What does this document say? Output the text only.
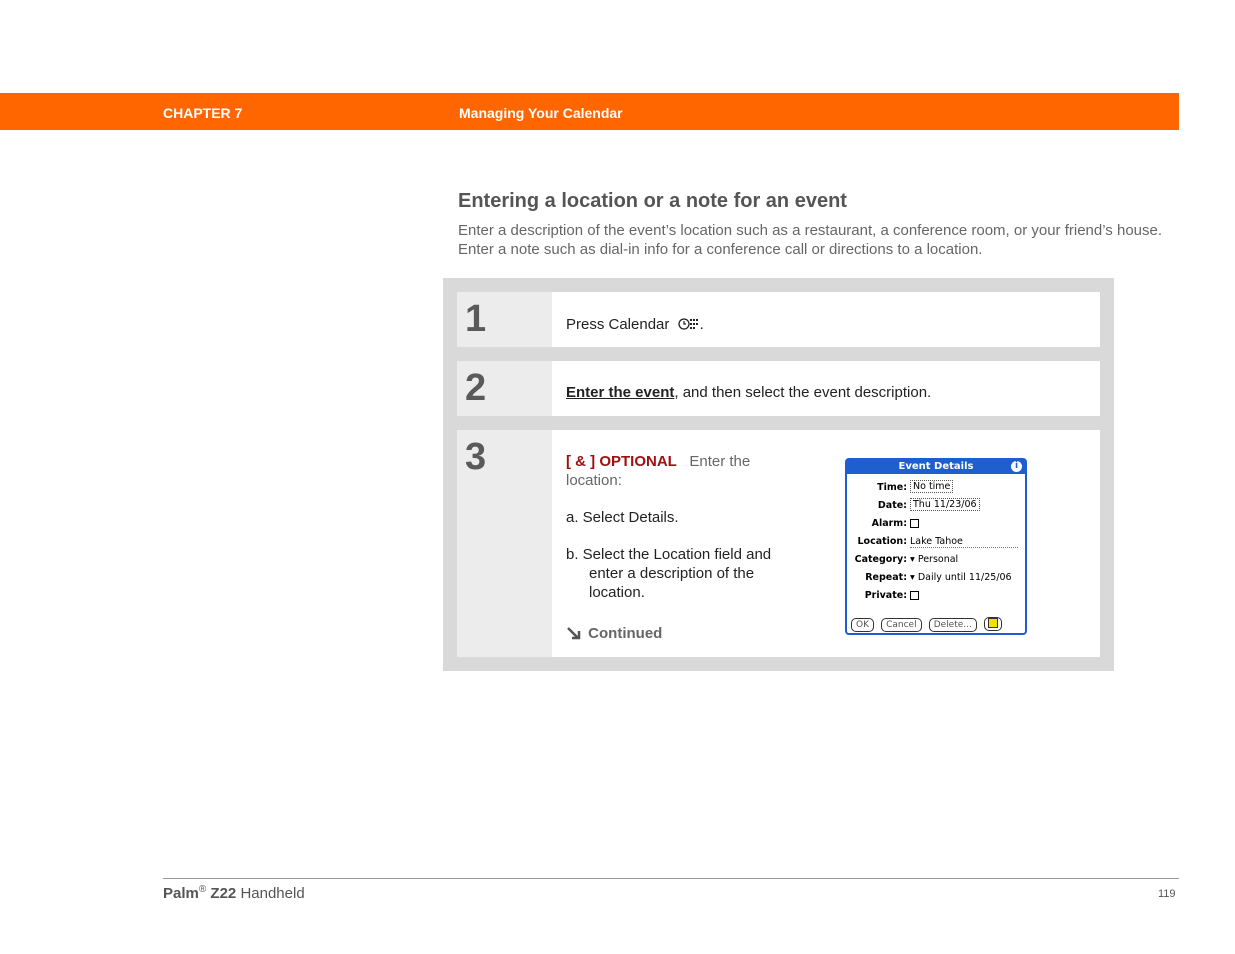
CHAPTER 7	Managing Your Calendar
Entering a location or a note for an event
Enter a description of the event’s location such as a restaurant, a conference room, or your friend’s house. Enter a note such as dial-in info for a conference call or directions to a location.
1	Press Calendar .
2	Enter the event, and then select the event description.
3	[ & ] OPTIONAL Enter the location:
a. Select Details.
b. Select the Location field and
enter a description of the
location.
Continued
Event Details	i
Time: No time
Date: Thu 11/23/06
Alarm:
Location: Lake Tahoe
Category: ▾ Personal
Repeat: ▾ Daily until 11/25/06
Private:
OK Cancel Delete...
Palm® Z22 Handheld	119
